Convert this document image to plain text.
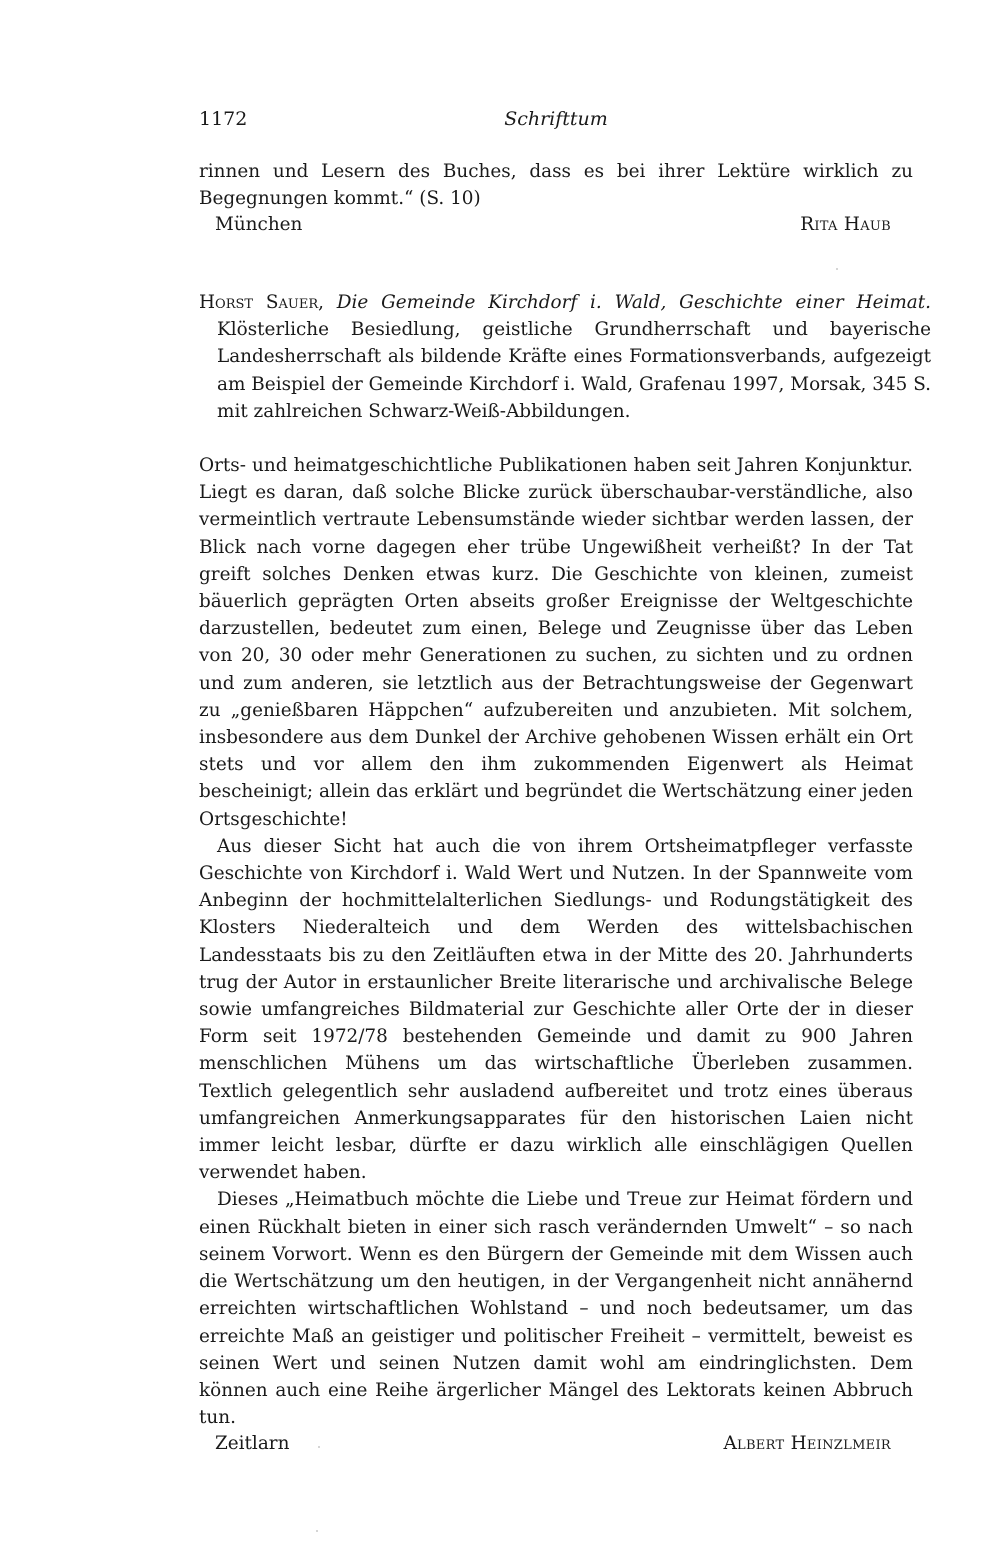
1172	Schrifttum
rinnen und Lesern des Buches, dass es bei ihrer Lektüre wirklich zu Begegnungen kommt.“ (S. 10)
München	Rita Haub
Horst Sauer, Die Gemeinde Kirchdorf i. Wald, Geschichte einer Heimat. Klösterliche Besiedlung, geistliche Grundherrschaft und bayerische Landesherrschaft als bildende Kräfte eines Formationsverbands, aufgezeigt am Beispiel der Gemeinde Kirchdorf i. Wald, Grafenau 1997, Morsak, 345 S. mit zahlreichen Schwarz-Weiß-Abbildungen.

Orts- und heimatgeschichtliche Publikationen haben seit Jahren Konjunktur. Liegt es daran, daß solche Blicke zurück überschaubar-verständliche, also vermeintlich vertraute Lebensumstände wieder sichtbar werden lassen, der Blick nach vorne dagegen eher trübe Ungewißheit verheißt? In der Tat greift solches Denken etwas kurz. Die Geschichte von kleinen, zumeist bäuerlich geprägten Orten abseits großer Ereignisse der Weltgeschichte darzustellen, bedeutet zum einen, Belege und Zeugnisse über das Leben von 20, 30 oder mehr Generationen zu suchen, zu sichten und zu ordnen und zum anderen, sie letztlich aus der Betrachtungsweise der Gegenwart zu „genießbaren Häppchen“ aufzubereiten und anzubieten. Mit solchem, insbesondere aus dem Dunkel der Archive gehobenen Wissen erhält ein Ort stets und vor allem den ihm zukommenden Eigenwert als Heimat bescheinigt; allein das erklärt und begründet die Wertschätzung einer jeden Ortsgeschichte!

Aus dieser Sicht hat auch die von ihrem Ortsheimatpfleger verfasste Geschichte von Kirchdorf i. Wald Wert und Nutzen. In der Spannweite vom Anbeginn der hochmittelalterlichen Siedlungs- und Rodungstätigkeit des Klosters Niederalteich und dem Werden des wittelsbachischen Landesstaats bis zu den Zeitläuften etwa in der Mitte des 20. Jahrhunderts trug der Autor in erstaunlicher Breite literarische und archivalische Belege sowie umfangreiches Bildmaterial zur Geschichte aller Orte der in dieser Form seit 1972/78 bestehenden Gemeinde und damit zu 900 Jahren menschlichen Mühens um das wirtschaftliche Überleben zusammen. Textlich gelegentlich sehr ausladend aufbereitet und trotz eines überaus umfangreichen Anmerkungsapparates für den historischen Laien nicht immer leicht lesbar, dürfte er dazu wirklich alle einschlägigen Quellen verwendet haben.

Dieses „Heimatbuch möchte die Liebe und Treue zur Heimat fördern und einen Rückhalt bieten in einer sich rasch verändernden Umwelt“ – so nach seinem Vorwort. Wenn es den Bürgern der Gemeinde mit dem Wissen auch die Wertschätzung um den heutigen, in der Vergangenheit nicht annähernd erreichten wirtschaftlichen Wohlstand – und noch bedeutsamer, um das erreichte Maß an geistiger und politischer Freiheit – vermittelt, beweist es seinen Wert und seinen Nutzen damit wohl am eindringlichsten. Dem können auch eine Reihe ärgerlicher Mängel des Lektorats keinen Abbruch tun.

Zeitlarn	Albert Heinzlmeir
